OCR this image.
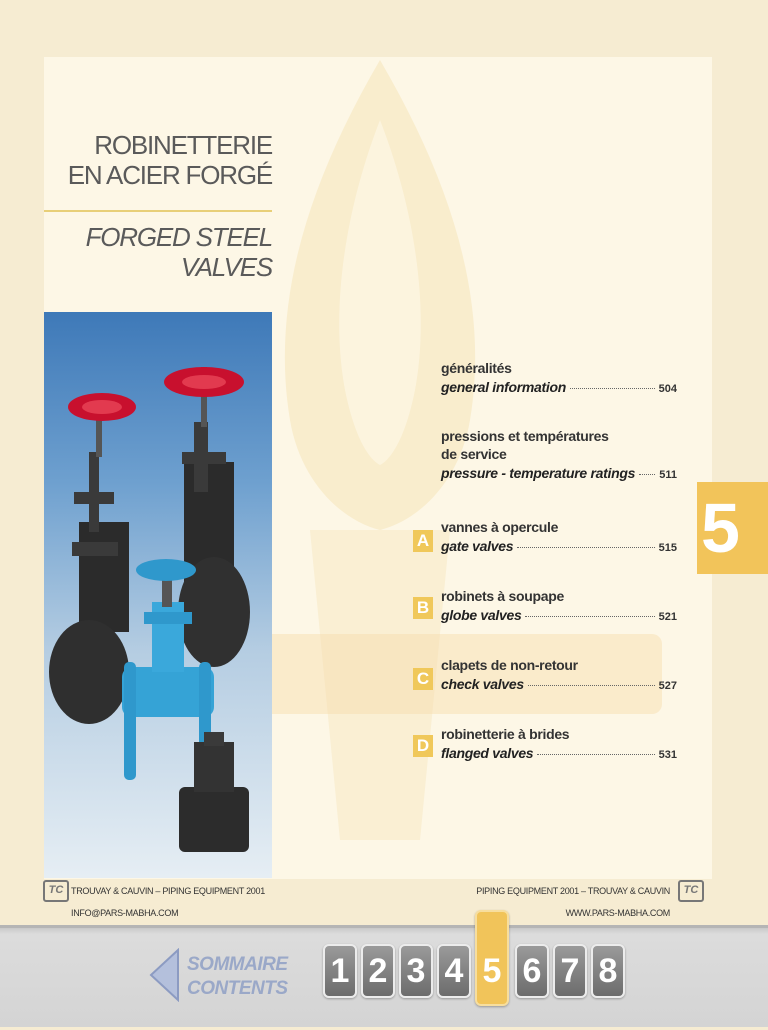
ROBINETTERIE
EN ACIER FORGÉ
FORGED STEEL
VALVES
généralités
general information	504
pressions et températures
de service
pressure - temperature ratings 511
A
vannes à opercule
gate valves	515
B
robinets à soupape
globe valves	521
C
clapets de non-retour
check valves	527
D
robinetterie à brides
flanged valves	531
5
TC TROUVAY & CAUVIN – PIPING EQUIPMENT 2001
INFO@PARS-MABHA.COM
PIPING EQUIPMENT 2001 – TROUVAY & CAUVIN
WWW.PARS-MABHA.COM
TC
SOMMAIRE
CONTENTS 1 2 3 4 5 6 7 8
